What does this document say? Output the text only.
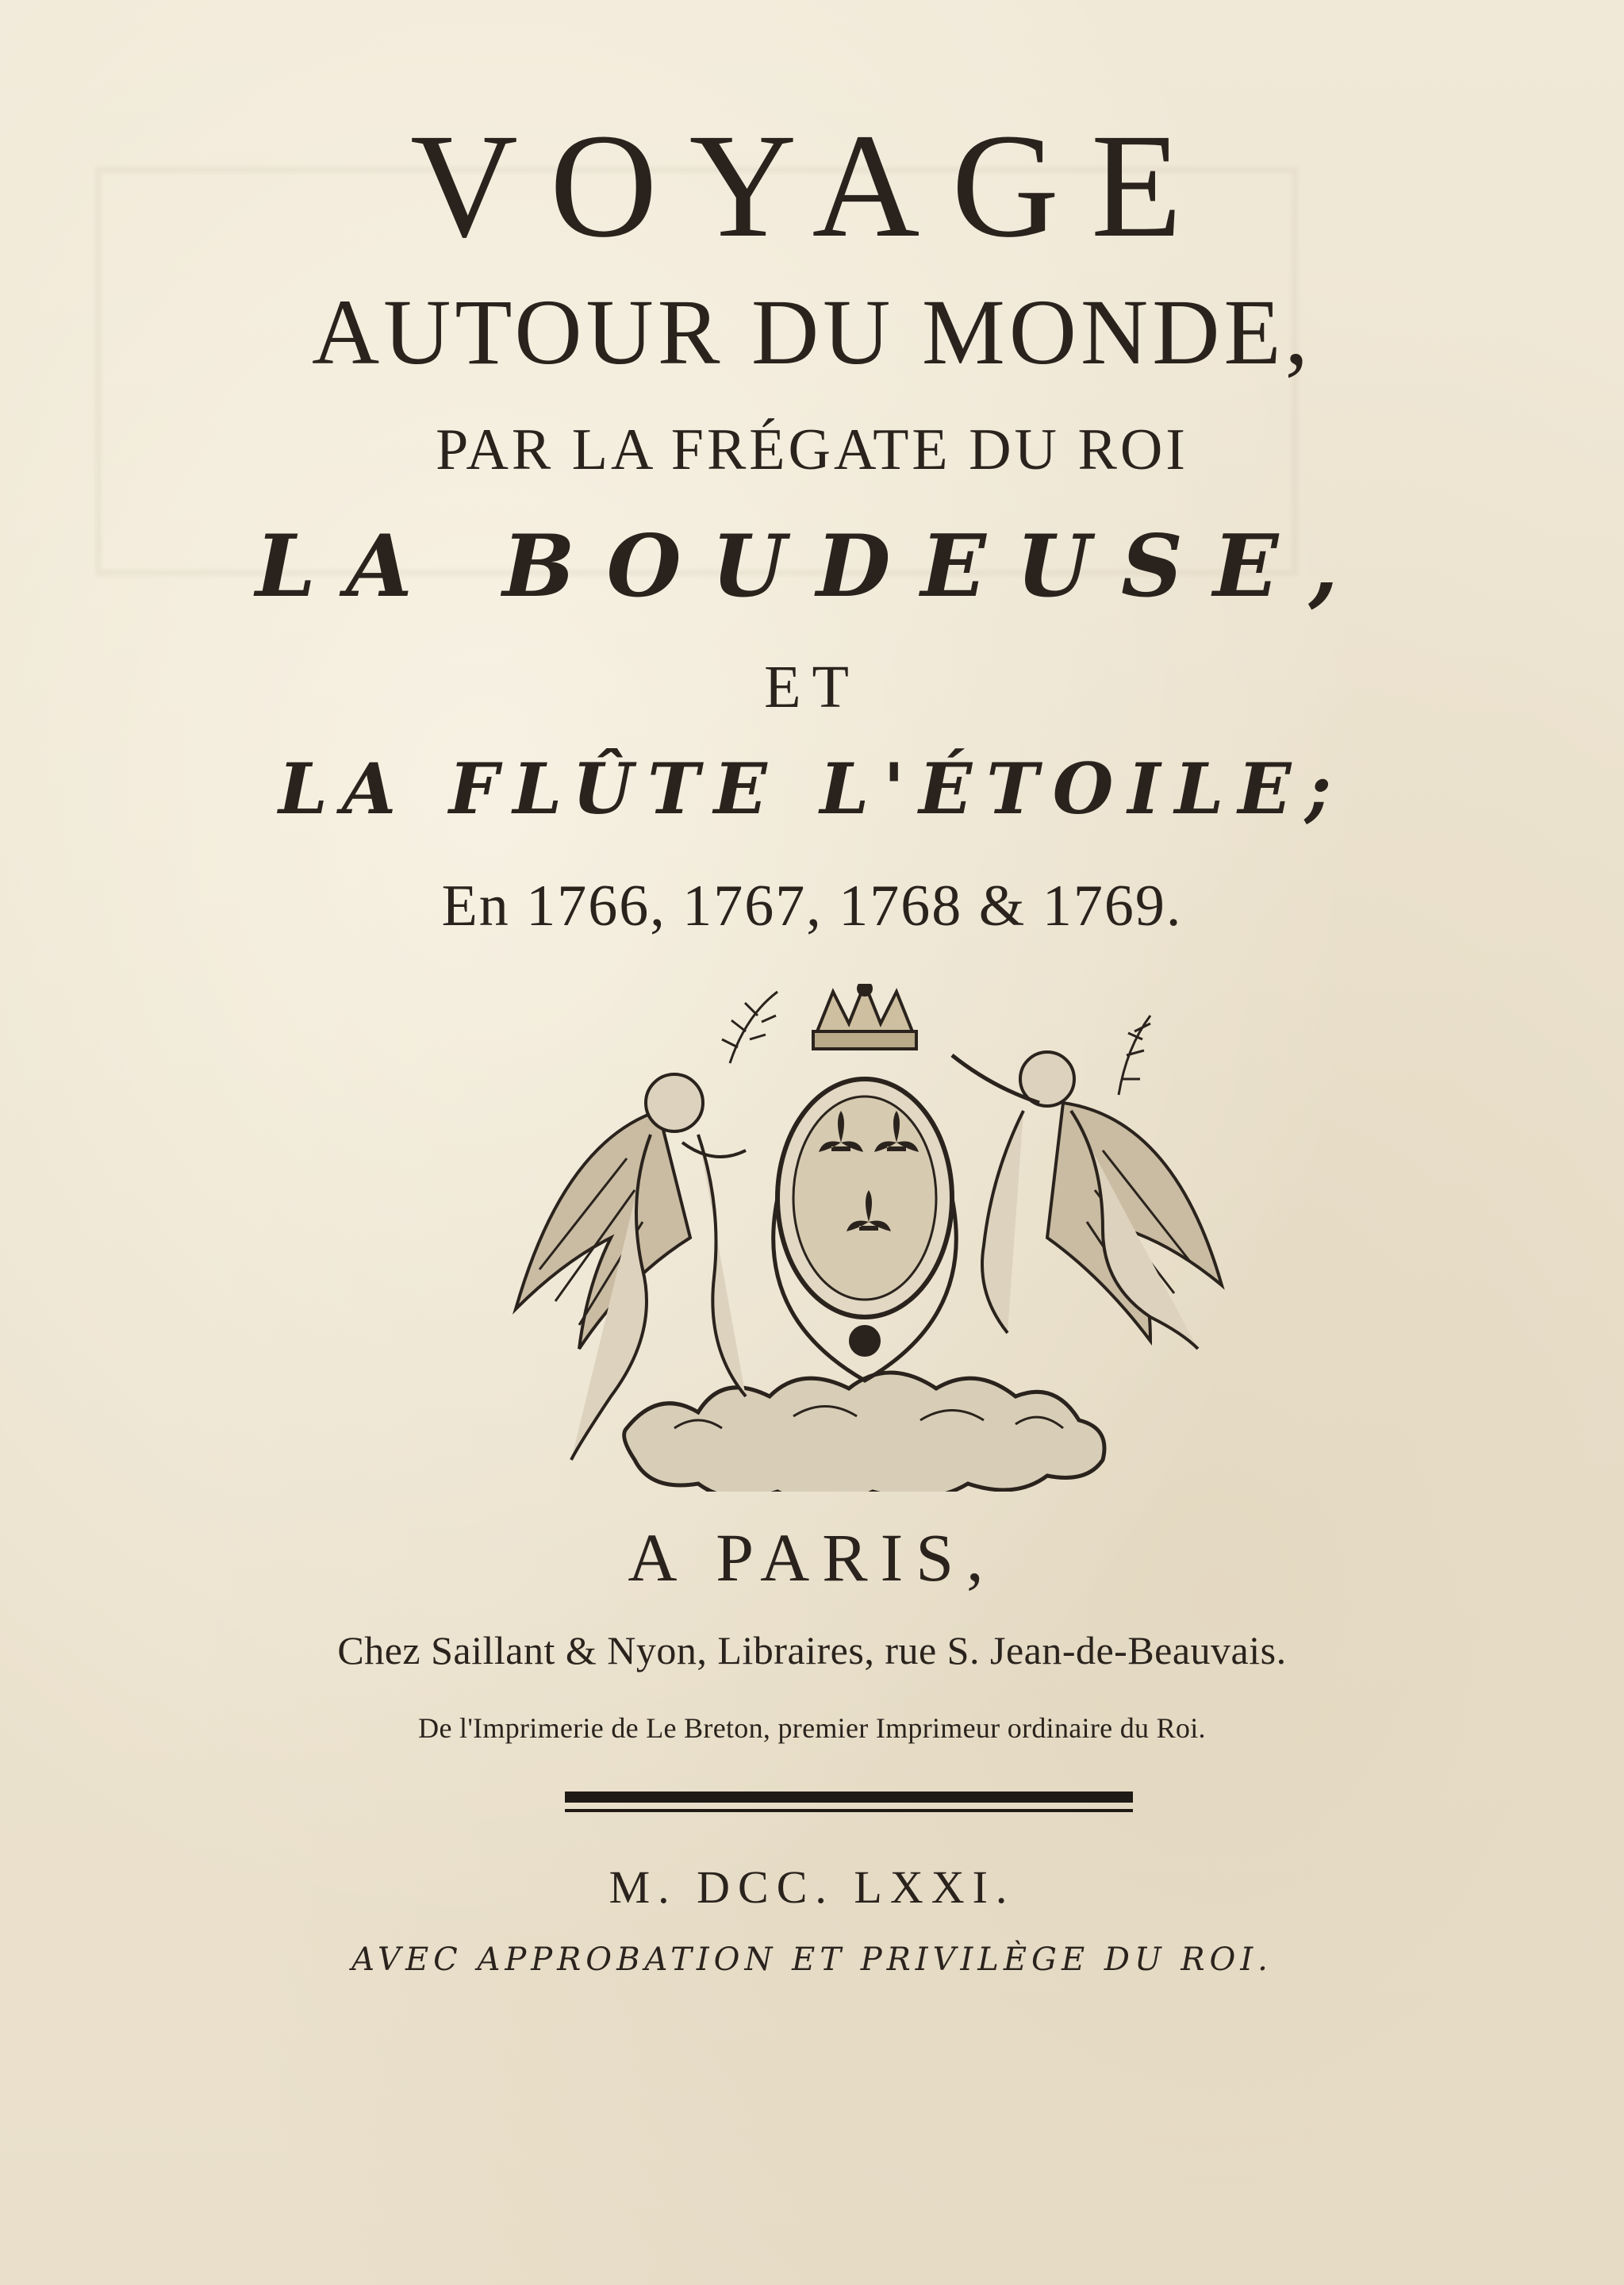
VOYAGE
AUTOUR DU MONDE,
PAR LA FRÉGATE DU ROI
LA BOUDEUSE,
ET
LA FLÛTE L'ÉTOILE;
En 1766, 1767, 1768 & 1769.
A PARIS,
Chez Saillant & Nyon, Libraires, rue S. Jean-de-Beauvais.
De l'Imprimerie de Le Breton, premier Imprimeur ordinaire du Roi.
M. DCC. LXXI.
AVEC APPROBATION ET PRIVILÈGE DU ROI.
